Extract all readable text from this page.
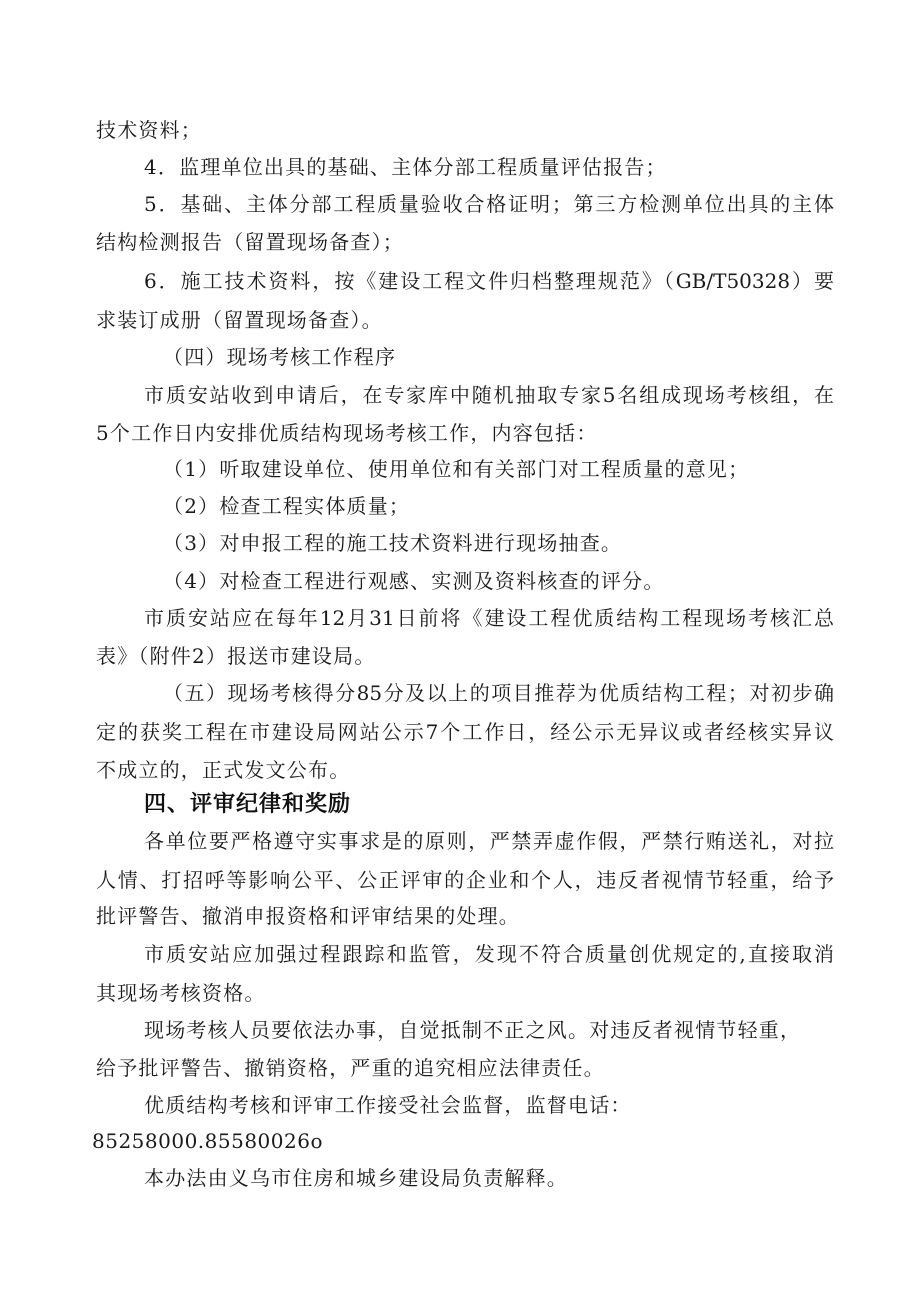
技术资料；
4．监理单位出具的基础、主体分部工程质量评估报告；
5．基础、主体分部工程质量验收合格证明；第三方检测单位出具的主体
结构检测报告（留置现场备查）；
6．施工技术资料，按《建设工程文件归档整理规范》（GB/T50328）要
求装订成册（留置现场备查）。
（四）现场考核工作程序
市质安站收到申请后，在专家库中随机抽取专家5名组成现场考核组，在
5个工作日内安排优质结构现场考核工作，内容包括：
（1）听取建设单位、使用单位和有关部门对工程质量的意见；
（2）检查工程实体质量；
（3）对申报工程的施工技术资料进行现场抽查。
（4）对检查工程进行观感、实测及资料核查的评分。
市质安站应在每年12月31日前将《建设工程优质结构工程现场考核汇总
表》（附件2）报送市建设局。
（五）现场考核得分85分及以上的项目推荐为优质结构工程；对初步确
定的获奖工程在市建设局网站公示7个工作日，经公示无异议或者经核实异议
不成立的，正式发文公布。
四、评审纪律和奖励
各单位要严格遵守实事求是的原则，严禁弄虚作假，严禁行贿送礼，对拉
人情、打招呼等影响公平、公正评审的企业和个人，违反者视情节轻重，给予
批评警告、撤消申报资格和评审结果的处理。
市质安站应加强过程跟踪和监管，发现不符合质量创优规定的,直接取消
其现场考核资格。
现场考核人员要依法办事，自觉抵制不正之风。对违反者视情节轻重，
给予批评警告、撤销资格，严重的追究相应法律责任。
优质结构考核和评审工作接受社会监督，监督电话：
85258000.85580026o
本办法由义乌市住房和城乡建设局负责解释。
